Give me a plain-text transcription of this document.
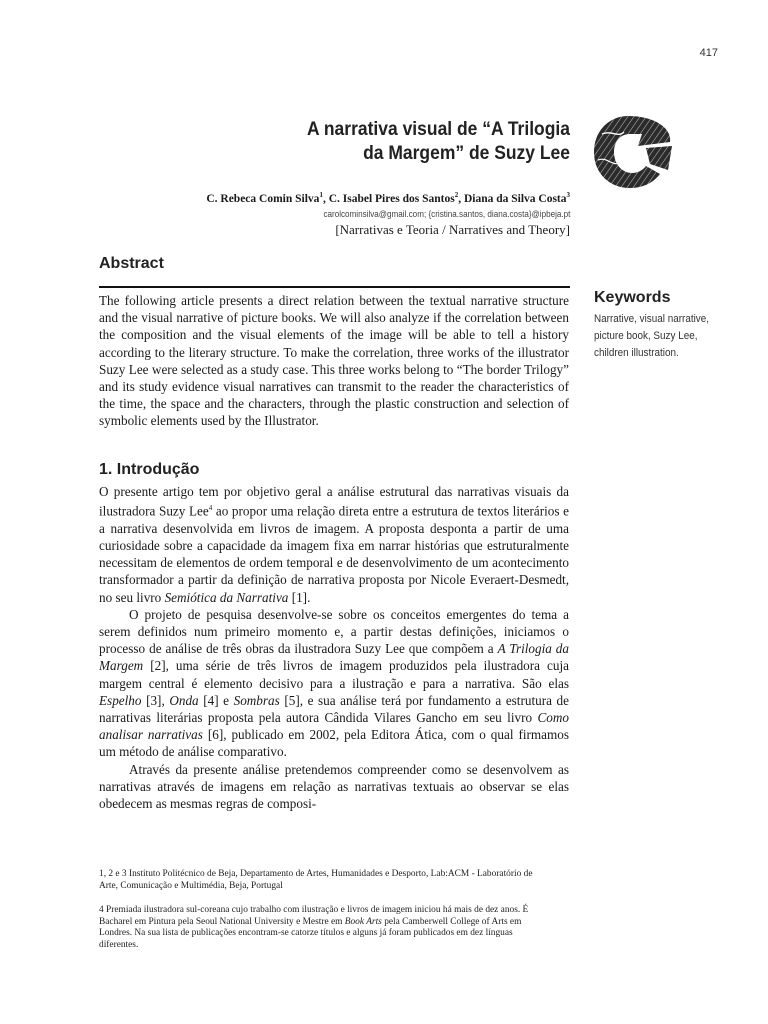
417
A narrativa visual de “A Trilogia
da Margem” de Suzy Lee
C. Rebeca Comin Silva$^1$, C. Isabel Pires dos Santos$^2$, Diana da Silva Costa$^3$
carolcominsilva@gmail.com; {cristina.santos, diana.costa}@ipbeja.pt
[Narrativas e Teoria / Narratives and Theory]
Abstract
The following article presents a direct relation between the textual narrative structure and the visual narrative of picture books. We will also analyze if the correlation between the composition and the visual elements of the image will be able to tell a history according to the literary structure. To make the correlation, three works of the illustrator Suzy Lee were selected as a study case. This three works belong to “The border Trilogy” and its study evidence visual narratives can transmit to the reader the characteristics of the time, the space and the characters, through the plastic construction and selection of symbolic elements used by the Illustrator.
Keywords
Narrative, visual narrative, picture book, Suzy Lee, children illustration.
1. Introdução

O presente artigo tem por objetivo geral a análise estrutural das narrativas visuais da ilustradora Suzy Lee$^4$ ao propor uma relação direta entre a estrutura de textos literários e a narrativa desenvolvida em livros de imagem. A proposta desponta a partir de uma curiosidade sobre a capacidade da imagem fixa em narrar histórias que estruturalmente necessitam de elementos de ordem temporal e de desenvolvimento de um acontecimento transformador a partir da definição de narrativa proposta por Nicole Everaert-Desmedt, no seu livro Semiótica da Narrativa [1].

O projeto de pesquisa desenvolve-se sobre os conceitos emergentes do tema a serem definidos num primeiro momento e, a partir destas definições, iniciamos o processo de análise de três obras da ilustradora Suzy Lee que compõem a A Trilogia da Margem [2], uma série de três livros de imagem produzidos pela ilustradora cuja margem central é elemento decisivo para a ilustração e para a narrativa. São elas Espelho [3], Onda [4] e Sombras [5], e sua análise terá por fundamento a estrutura de narrativas literárias proposta pela autora Cândida Vilares Gancho em seu livro Como analisar narrativas [6], publicado em 2002, pela Editora Ática, com o qual firmamos um método de análise comparativo.

Através da presente análise pretendemos compreender como se desenvolvem as narrativas através de imagens em relação as narrativas textuais ao observar se elas obedecem as mesmas regras de composi-

1, 2 e 3 Instituto Politécnico de Beja, Departamento de Artes, Humanidades e Desporto, Lab:ACM - Laboratório de Arte, Comunicação e Multimédia, Beja, Portugal

4 Premiada ilustradora sul-coreana cujo trabalho com ilustração e livros de imagem iniciou há mais de dez anos. É Bacharel em Pintura pela Seoul National University e Mestre em Book Arts pela Camberwell College of Arts em Londres. Na sua lista de publicações encontram-se catorze títulos e alguns já foram publicados em dez línguas diferentes.
